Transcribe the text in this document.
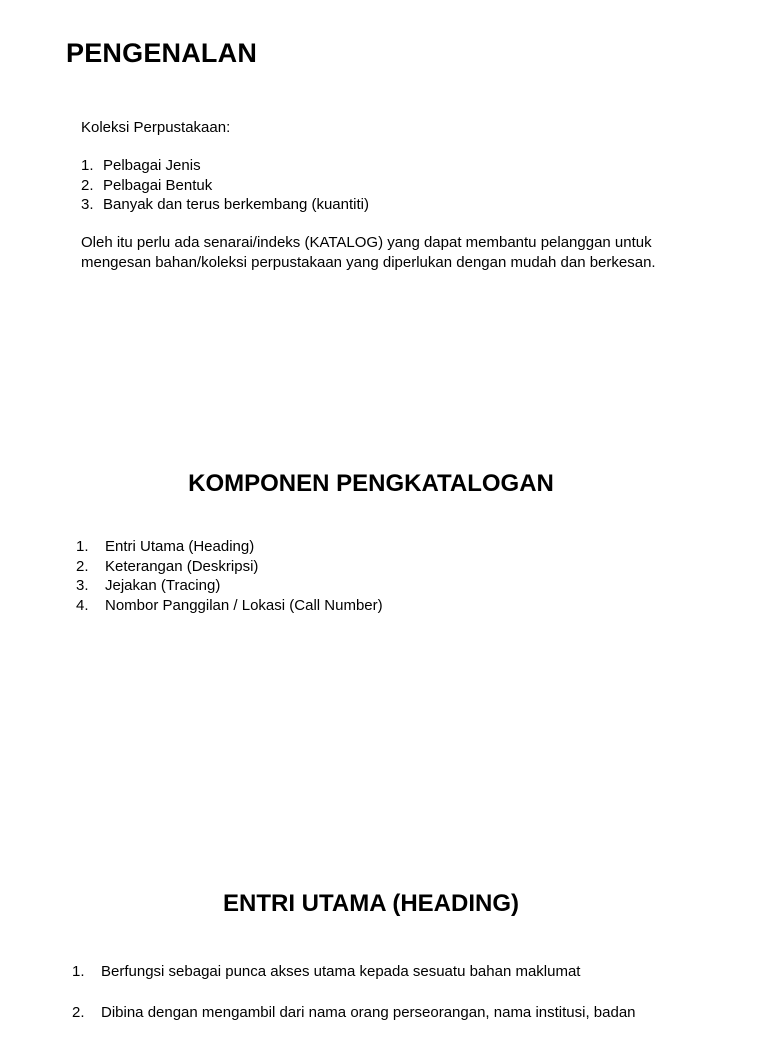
PENGENALAN

Koleksi Perpustakaan:

1. Pelbagai Jenis
2. Pelbagai Bentuk
3. Banyak dan terus berkembang (kuantiti)
Oleh itu perlu ada senarai/indeks (KATALOG) yang dapat membantu pelanggan untuk
mengesan bahan/koleksi perpustakaan yang diperlukan dengan mudah dan berkesan.
KOMPONEN PENGKATALOGAN
1. Entri Utama (Heading)
2. Keterangan (Deskripsi)
3. Jejakan (Tracing)
4. Nombor Panggilan / Lokasi (Call Number)
ENTRI UTAMA (HEADING)
1. Berfungsi sebagai punca akses utama kepada sesuatu bahan maklumat
2. Dibina dengan mengambil dari nama orang perseorangan, nama institusi, badan
